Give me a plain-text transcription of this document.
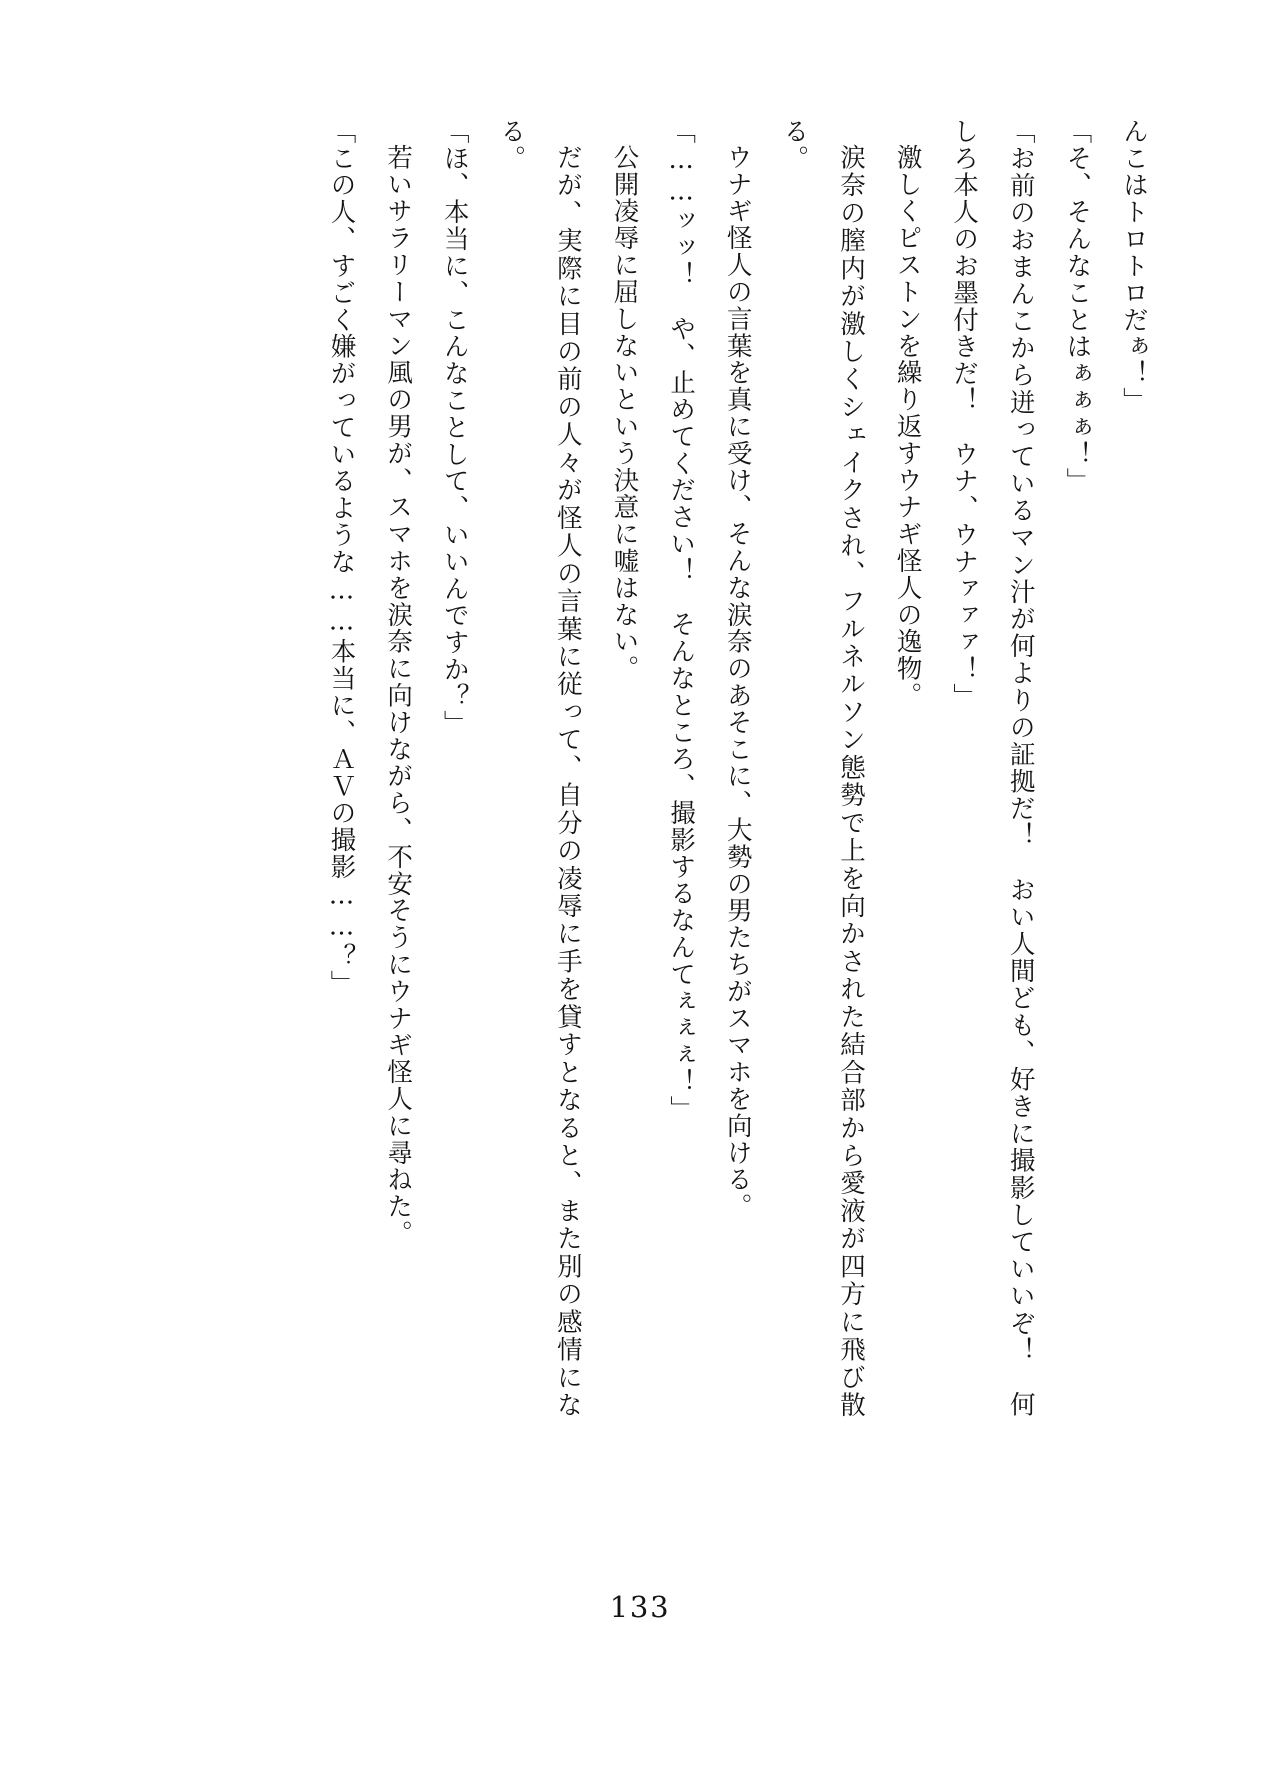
んこはトロトロだぁ！」

「そ、そんなことはぁぁぁ！」

「お前のおまんこから迸っているマン汁が何よりの証拠だ！　おい人間ども、好きに撮影していいぞ！　何しろ本人のお墨付きだ！　ウナ、ウナァァァ！」

激しくピストンを繰り返すウナギ怪人の逸物。

涙奈の膣内が激しくシェイクされ、フルネルソン態勢で上を向かされた結合部から愛液が四方に飛び散る。

ウナギ怪人の言葉を真に受け、そんな涙奈のあそこに、大勢の男たちがスマホを向ける。

「……ッッ！　や、止めてください！　そんなところ、撮影するなんてぇぇぇ！」

公開凌辱に屈しないという決意に嘘はない。

だが、実際に目の前の人々が怪人の言葉に従って、自分の凌辱に手を貸すとなると、また別の感情になる。

「ほ、本当に、こんなことして、いいんですか？」

若いサラリーマン風の男が、スマホを涙奈に向けながら、不安そうにウナギ怪人に尋ねた。

「この人、すごく嫌がっているような……本当に、ＡＶの撮影……？」

133
